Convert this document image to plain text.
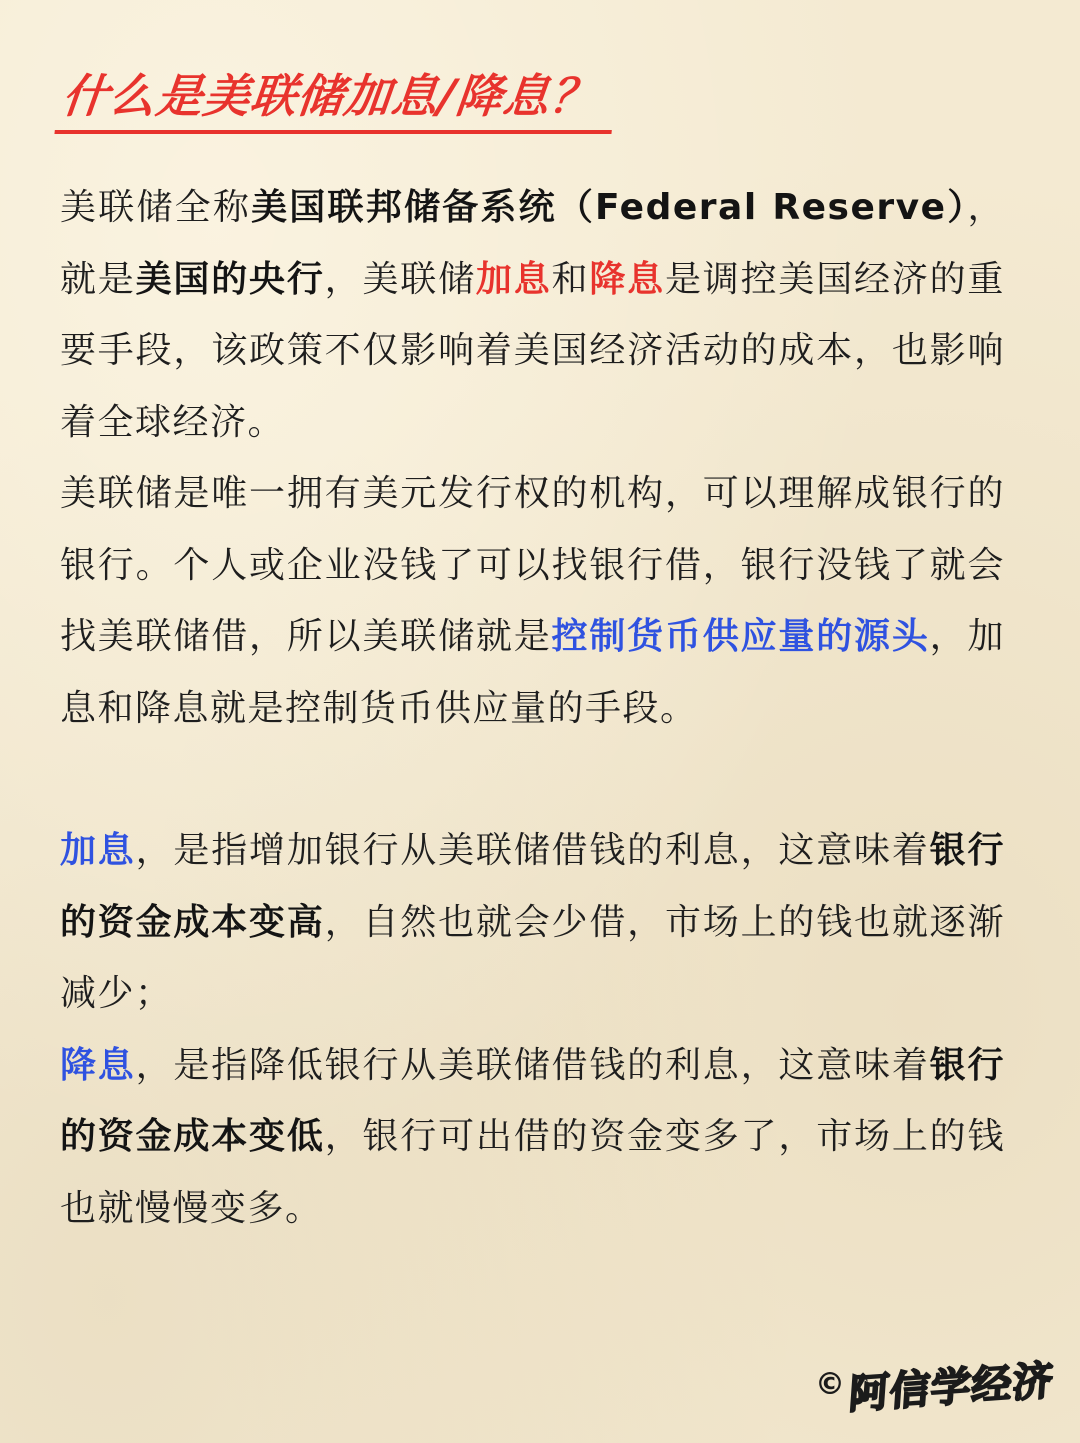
什么是美联储加息/降息？

美联储全称美国联邦储备系统（Federal Reserve），就是美国的央行，美联储加息和降息是调控美国经济的重要手段，该政策不仅影响着美国经济活动的成本，也影响着全球经济。

美联储是唯一拥有美元发行权的机构，可以理解成银行的银行。个人或企业没钱了可以找银行借，银行没钱了就会找美联储借，所以美联储就是控制货币供应量的源头，加息和降息就是控制货币供应量的手段。

加息，是指增加银行从美联储借钱的利息，这意味着银行的资金成本变高，自然也就会少借，市场上的钱也就逐渐减少；

降息，是指降低银行从美联储借钱的利息，这意味着银行的资金成本变低，银行可出借的资金变多了，市场上的钱也就慢慢变多。

© 阿信学经济
